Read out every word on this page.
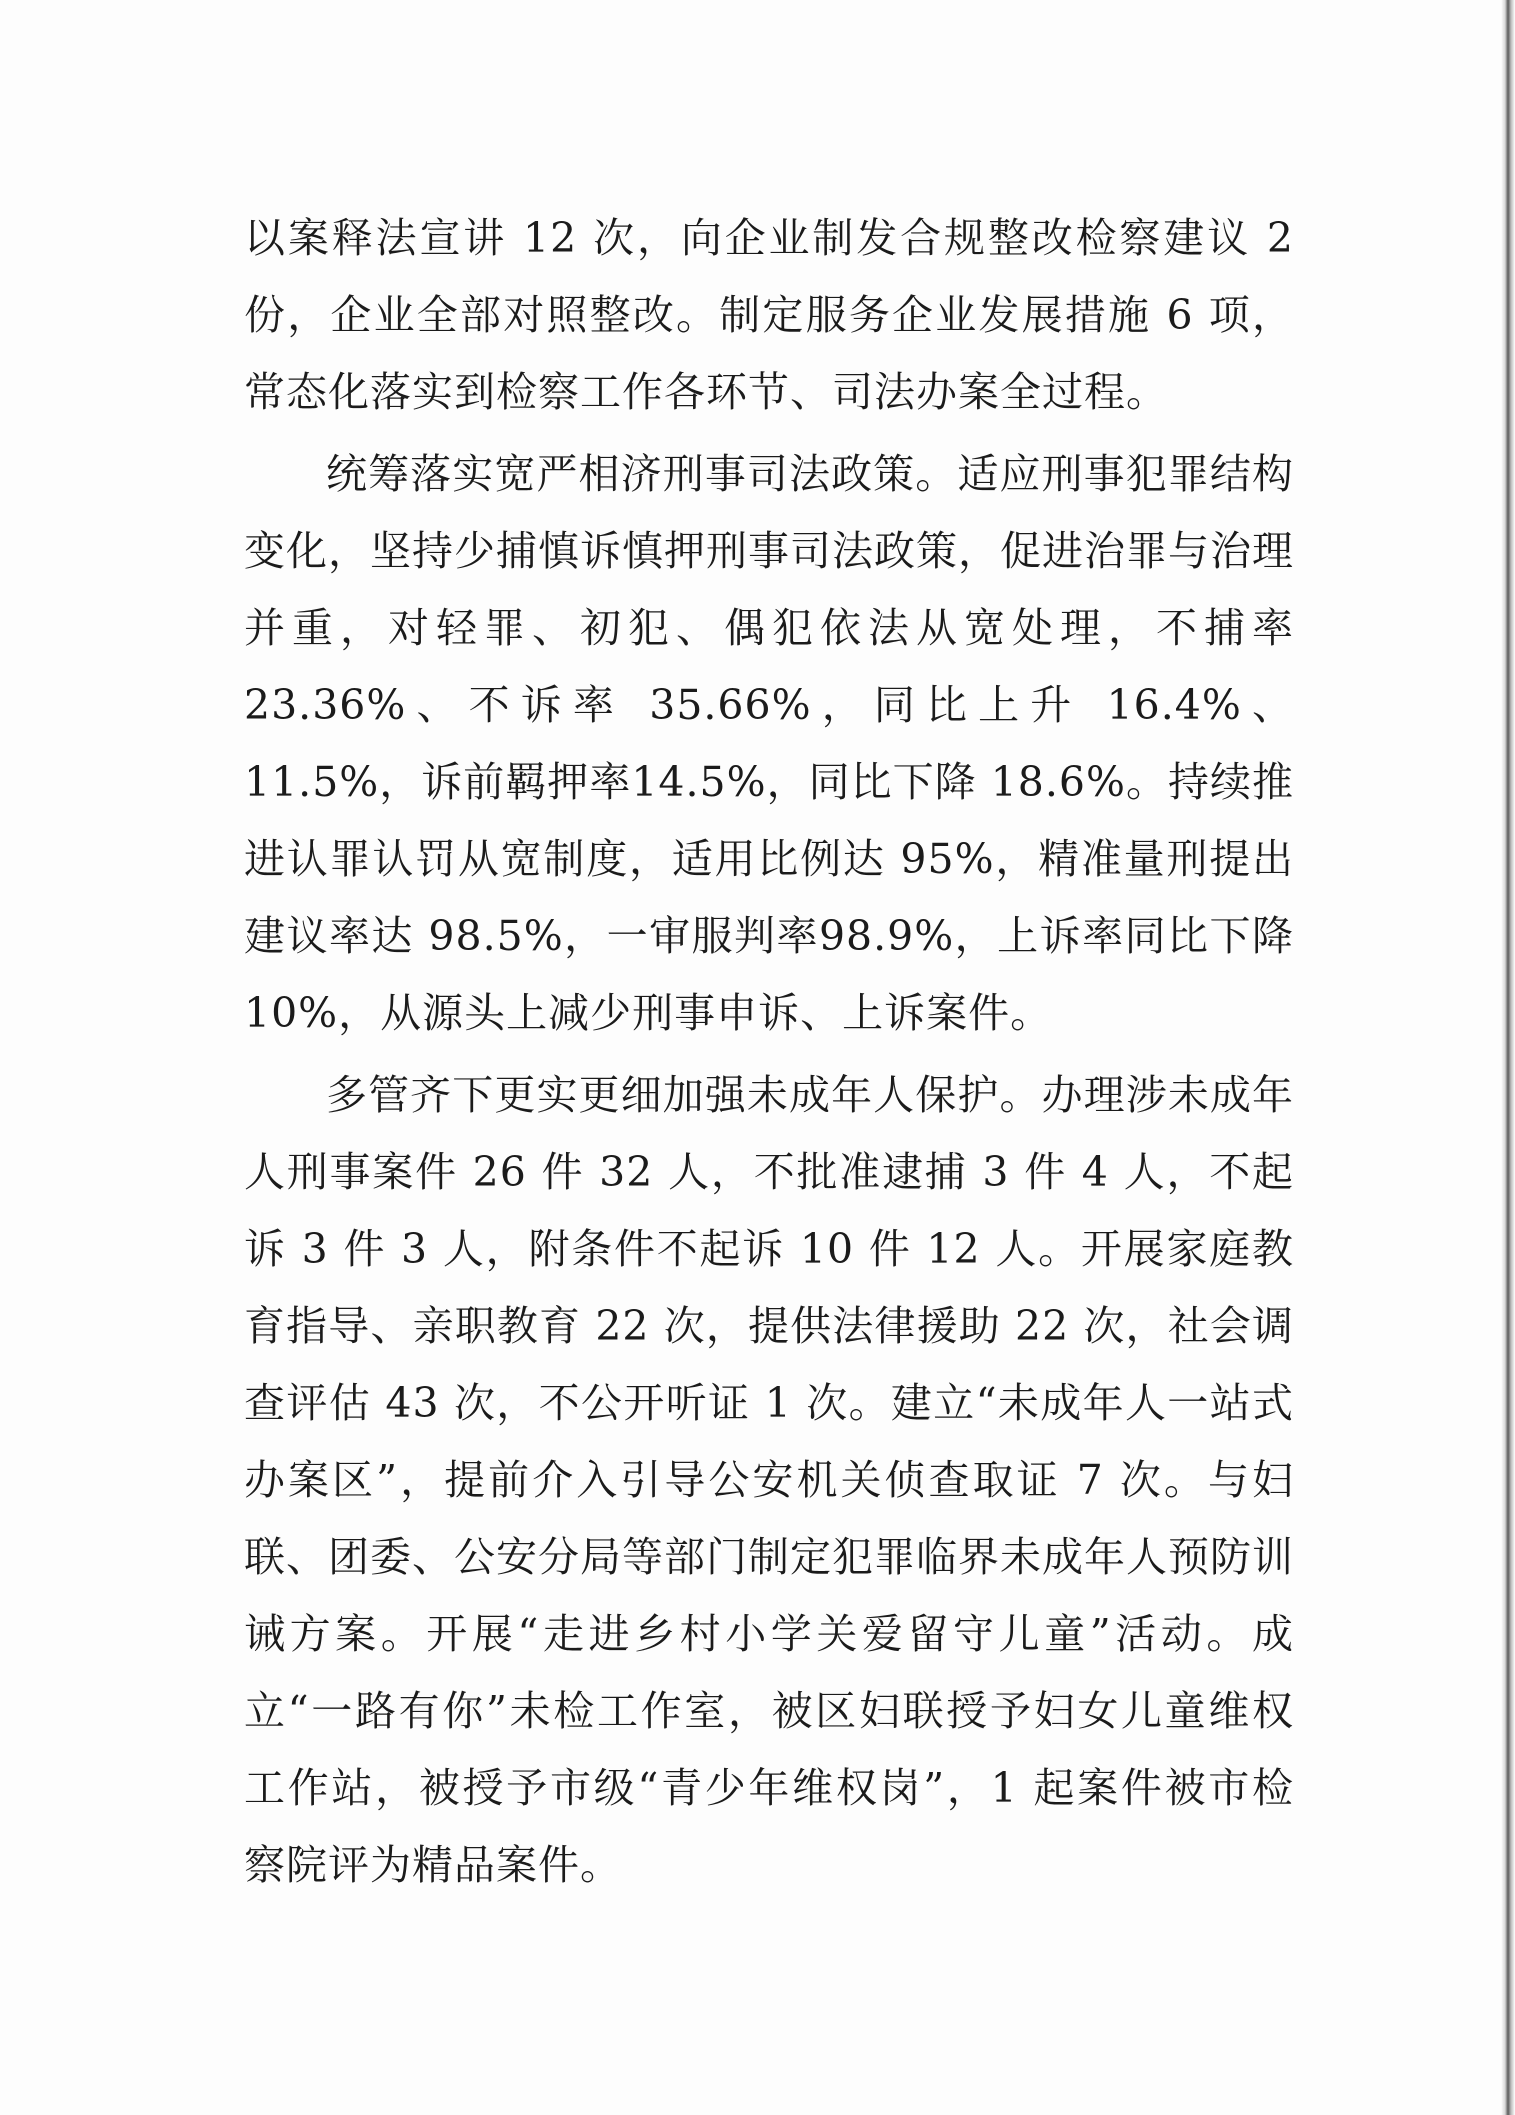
以案释法宣讲 12 次，向企业制发合规整改检察建议 2 份，企业全部对照整改。制定服务企业发展措施 6 项，常态化落实到检察工作各环节、司法办案全过程。

统筹落实宽严相济刑事司法政策。适应刑事犯罪结构变化，坚持少捕慎诉慎押刑事司法政策，促进治罪与治理并重，对轻罪、初犯、偶犯依法从宽处理，不捕率 23.36%、不诉率 35.66%，同比上升 16.4%、11.5%，诉前羁押率14.5%，同比下降 18.6%。持续推进认罪认罚从宽制度，适用比例达 95%，精准量刑提出建议率达 98.5%，一审服判率98.9%，上诉率同比下降 10%，从源头上减少刑事申诉、上诉案件。

多管齐下更实更细加强未成年人保护。办理涉未成年人刑事案件 26 件 32 人，不批准逮捕 3 件 4 人，不起诉 3 件 3 人，附条件不起诉 10 件 12 人。开展家庭教育指导、亲职教育 22 次，提供法律援助 22 次，社会调查评估 43 次，不公开听证 1 次。建立“未成年人一站式办案区”，提前介入引导公安机关侦查取证 7 次。与妇联、团委、公安分局等部门制定犯罪临界未成年人预防训诫方案。开展“走进乡村小学关爱留守儿童”活动。成立“一路有你”未检工作室，被区妇联授予妇女儿童维权工作站，被授予市级“青少年维权岗”，1 起案件被市检察院评为精品案件。
